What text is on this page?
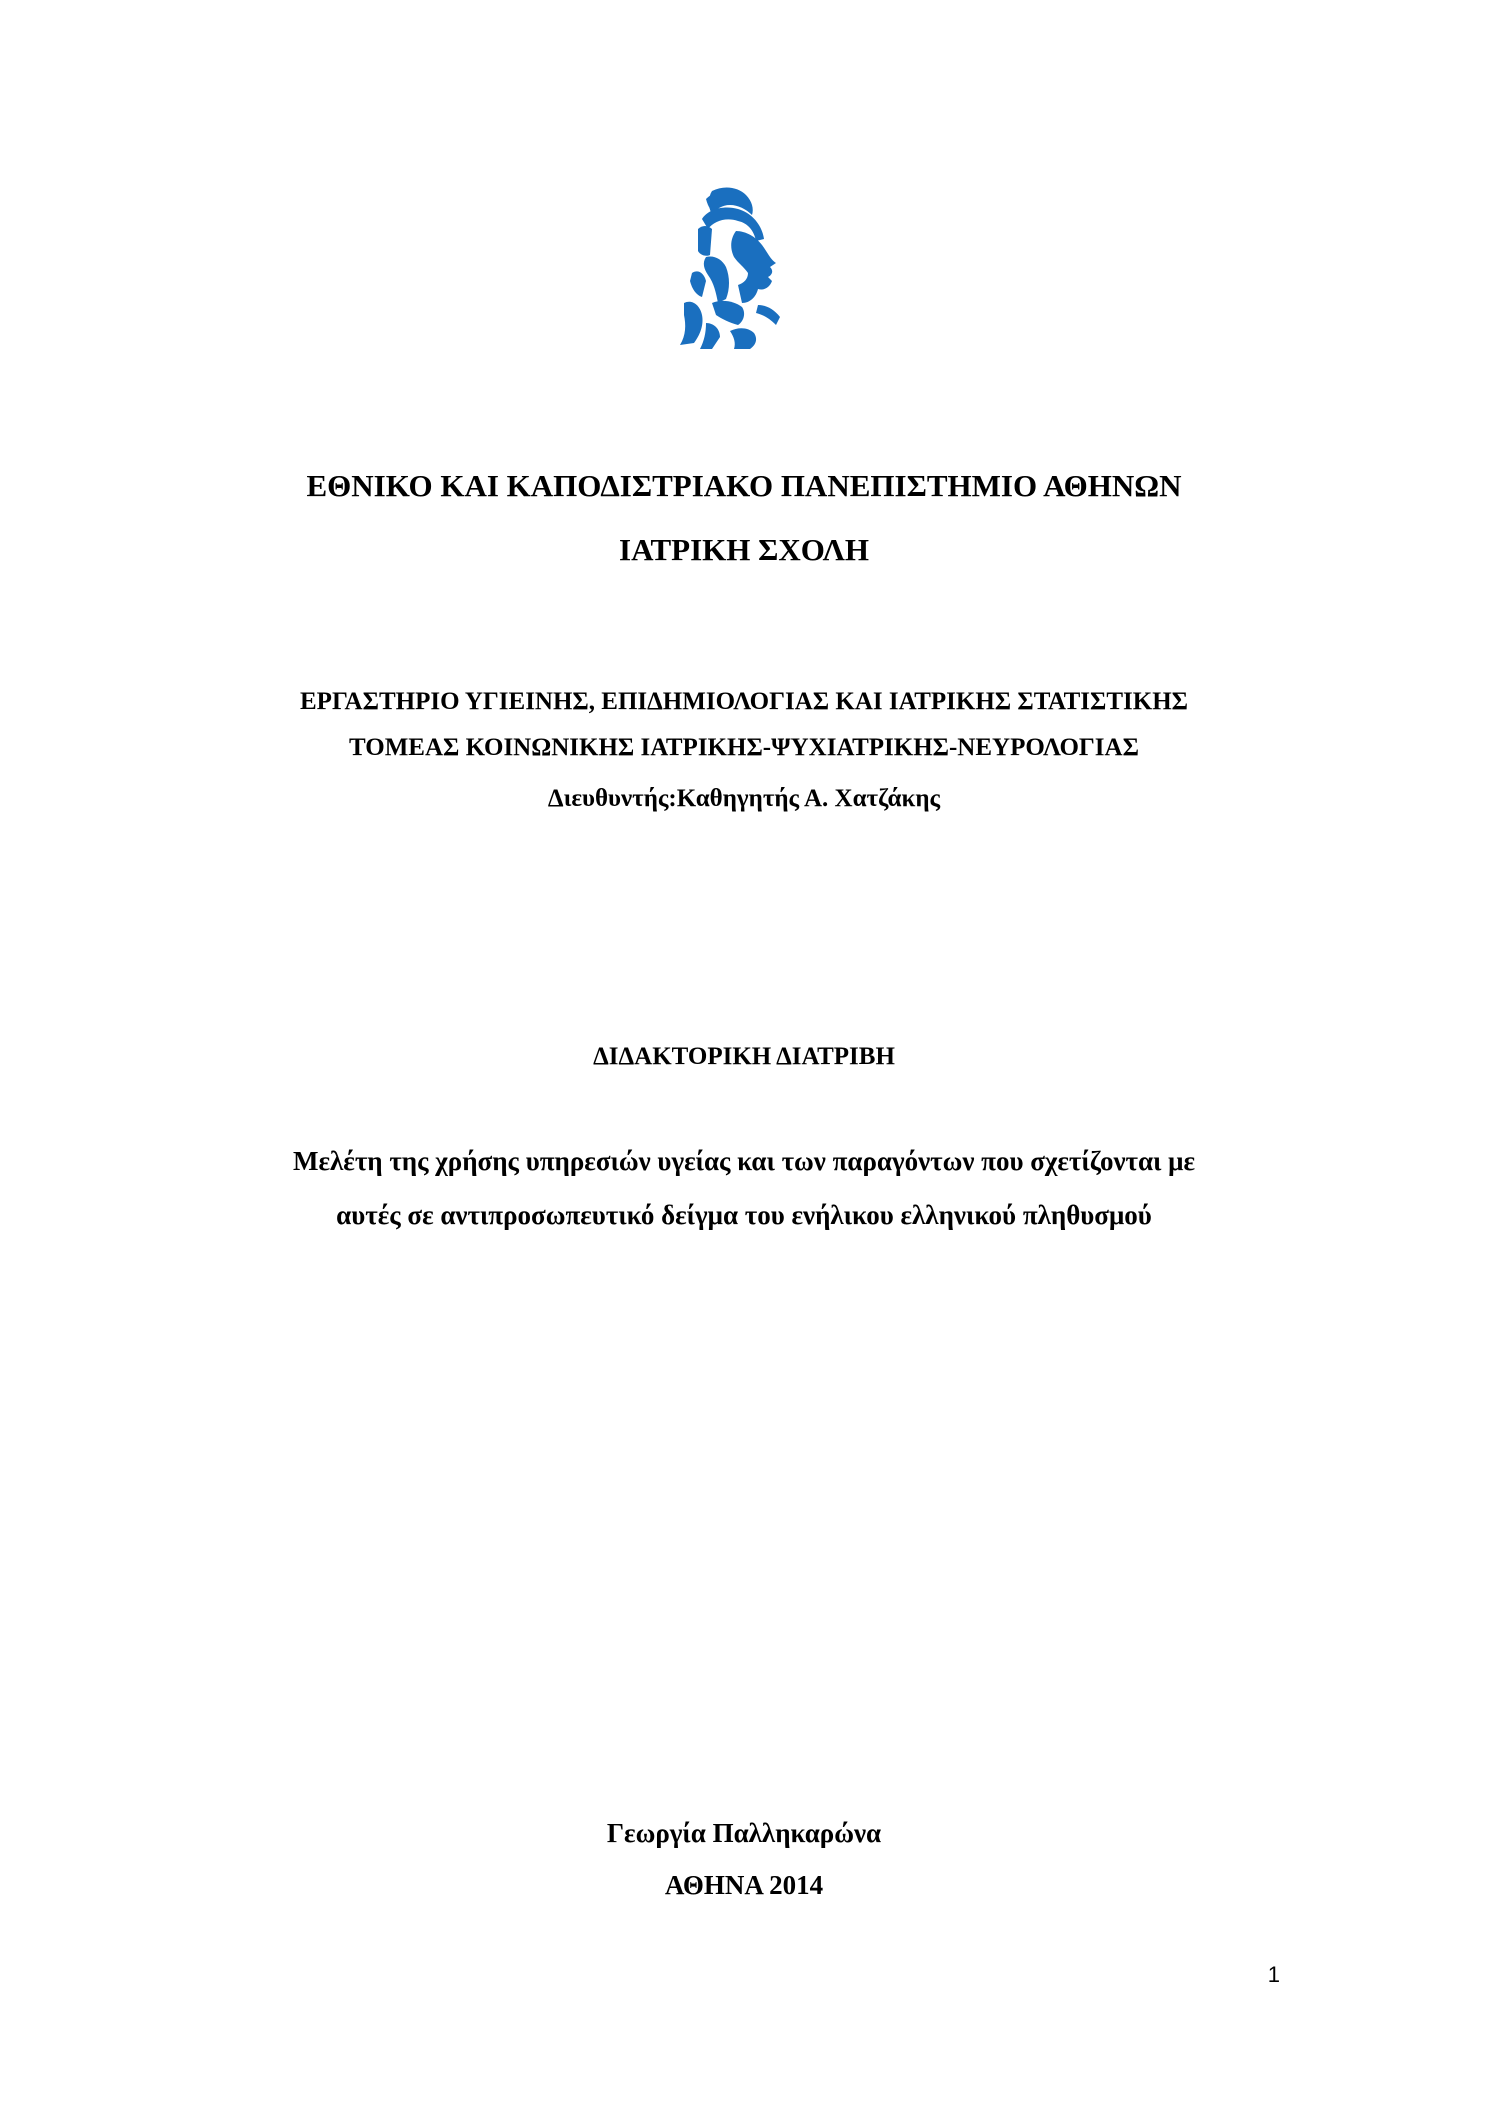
ΕΘΝΙΚΟ ΚΑΙ ΚΑΠΟΔΙΣΤΡΙΑΚΟ ΠΑΝΕΠΙΣΤΗΜΙΟ ΑΘΗΝΩΝ
ΙΑΤΡΙΚΗ ΣΧΟΛΗ
ΕΡΓΑΣΤΗΡΙΟ ΥΓΙΕΙΝΗΣ, ΕΠΙΔΗΜΙΟΛΟΓΙΑΣ ΚΑΙ ΙΑΤΡΙΚΗΣ ΣΤΑΤΙΣΤΙΚΗΣ
ΤΟΜΕΑΣ ΚΟΙΝΩΝΙΚΗΣ ΙΑΤΡΙΚΗΣ-ΨΥΧΙΑΤΡΙΚΗΣ-ΝΕΥΡΟΛΟΓΙΑΣ
Διευθυντής:Καθηγητής Α. Χατζάκης
ΔΙΔΑΚΤΟΡΙΚΗ ΔΙΑΤΡΙΒΗ
Μελέτη της χρήσης υπηρεσιών υγείας και των παραγόντων που σχετίζονται με
αυτές σε αντιπροσωπευτικό δείγμα του ενήλικου ελληνικού πληθυσμού
Γεωργία Παλληκαρώνα
ΑΘΗΝΑ 2014
1
